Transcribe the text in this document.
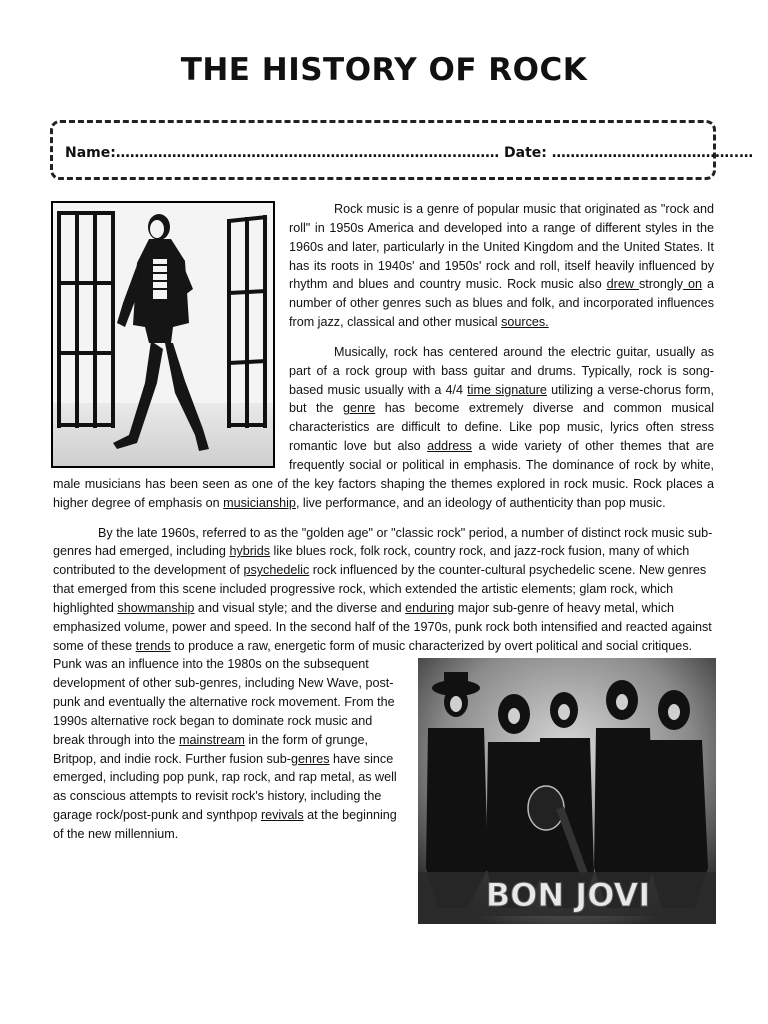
THE HISTORY OF ROCK
Name:……………………………………………………………….……… Date: ………………………………….…
BON JOVI

Rock music is a genre of popular music that originated as "rock and roll" in 1950s America and developed into a range of different styles in the 1960s and later, particularly in the United Kingdom and the United States. It has its roots in 1940s' and 1950s' rock and roll, itself heavily influenced by rhythm and blues and country music. Rock music also drew strongly on a number of other genres such as blues and folk, and incorporated influences from jazz, classical and other musical sources.

Musically, rock has centered around the electric guitar, usually as part of a rock group with bass guitar and drums. Typically, rock is song-based music usually with a 4/4 time signature utilizing a verse-chorus form, but the genre has become extremely diverse and common musical characteristics are difficult to define. Like pop music, lyrics often stress romantic love but also address a wide variety of other themes that are frequently social or political in emphasis. The dominance of rock by white, male musicians has been seen as one of the key factors shaping the themes explored in rock music. Rock places a higher degree of emphasis on musicianship, live performance, and an ideology of authenticity than pop music.

By the late 1960s, referred to as the "golden age" or "classic rock" period, a number of distinct rock music sub-genres had emerged, including hybrids like blues rock, folk rock, country rock, and jazz-rock fusion, many of which contributed to the development of psychedelic rock influenced by the counter-cultural psychedelic scene. New genres that emerged from this scene included progressive rock, which extended the artistic elements; glam rock, which highlighted showmanship and visual style; and the diverse and enduring major sub-genre of heavy metal, which emphasized volume, power and speed. In the second half of the 1970s, punk rock both intensified and reacted against some of these trends to produce a raw, energetic form of music characterized by overt political and social critiques. Punk was an influence into the 1980s on the subsequent development of other sub-genres, including New Wave, post-punk and eventually the alternative rock movement. From the 1990s alternative rock began to dominate rock music and break through into the mainstream in the form of grunge, Britpop, and indie rock. Further fusion sub-genres have since emerged, including pop punk, rap rock, and rap metal, as well as conscious attempts to revisit rock's history, including the garage rock/post-punk and synthpop revivals at the beginning of the new millennium.
